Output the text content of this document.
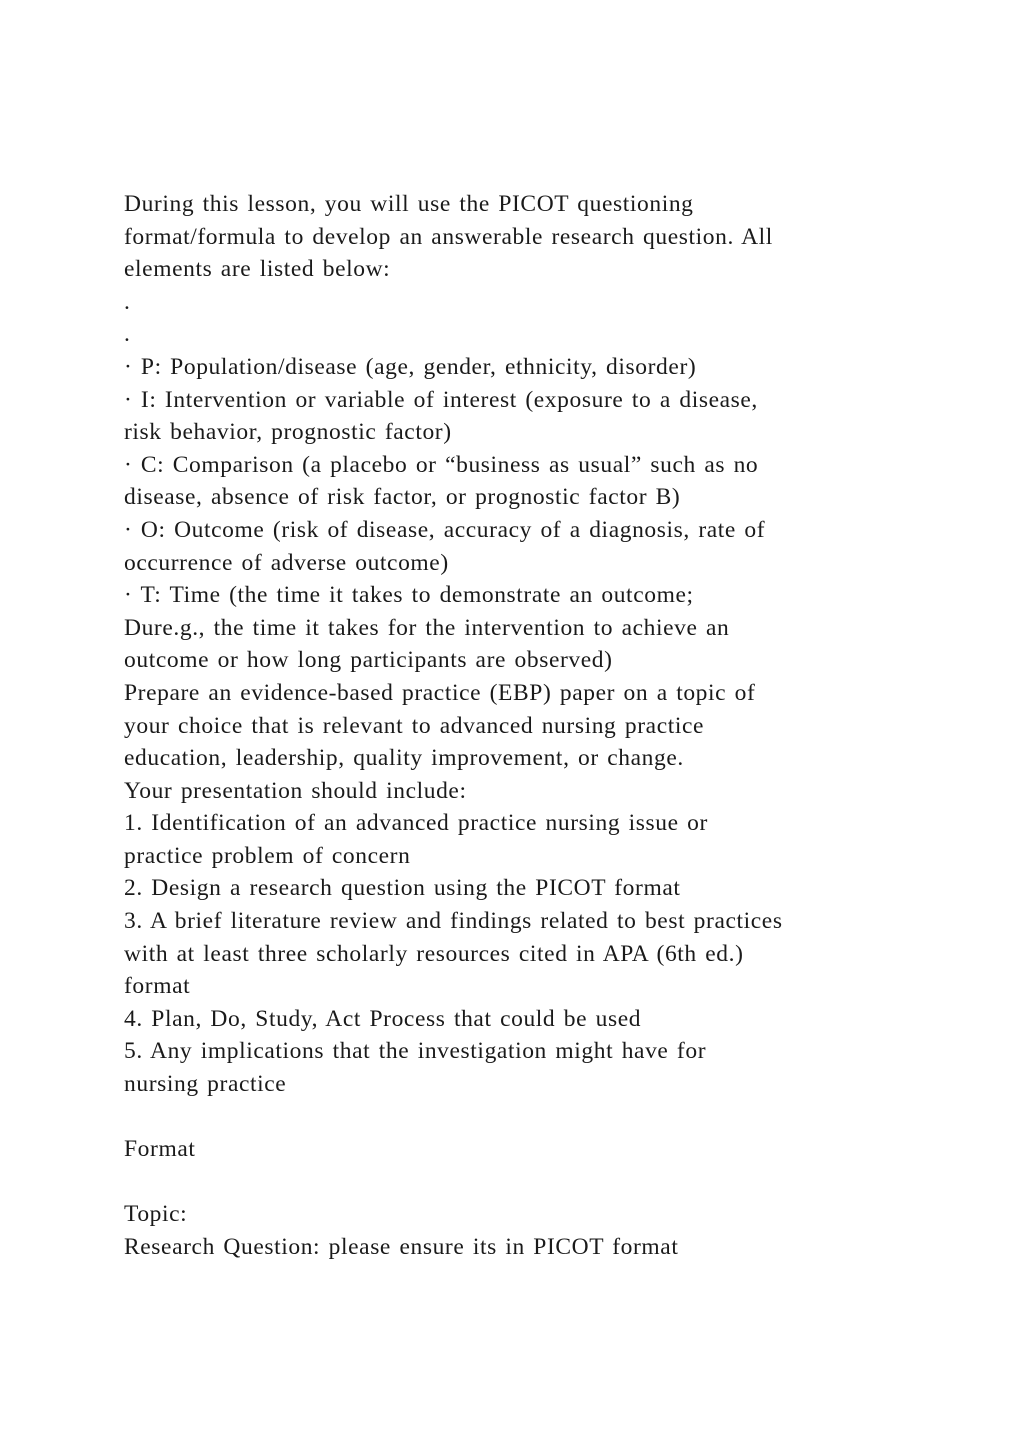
During this lesson, you will use the PICOT questioning
format/formula to develop an answerable research question. All
elements are listed below:
.
.
· P: Population/disease (age, gender, ethnicity, disorder)
· I: Intervention or variable of interest (exposure to a disease,
risk behavior, prognostic factor)
· C: Comparison (a placebo or “business as usual” such as no
disease, absence of risk factor, or prognostic factor B)
· O: Outcome (risk of disease, accuracy of a diagnosis, rate of
occurrence of adverse outcome)
· T: Time (the time it takes to demonstrate an outcome;
Dure.g., the time it takes for the intervention to achieve an
outcome or how long participants are observed)
Prepare an evidence-based practice (EBP) paper on a topic of
your choice that is relevant to advanced nursing practice
education, leadership, quality improvement, or change.
Your presentation should include:
1. Identification of an advanced practice nursing issue or
practice problem of concern
2. Design a research question using the PICOT format
3. A brief literature review and findings related to best practices
with at least three scholarly resources cited in APA (6th ed.)
format
4. Plan, Do, Study, Act Process that could be used
5. Any implications that the investigation might have for
nursing practice
Format
Topic:
Research Question: please ensure its in PICOT format
